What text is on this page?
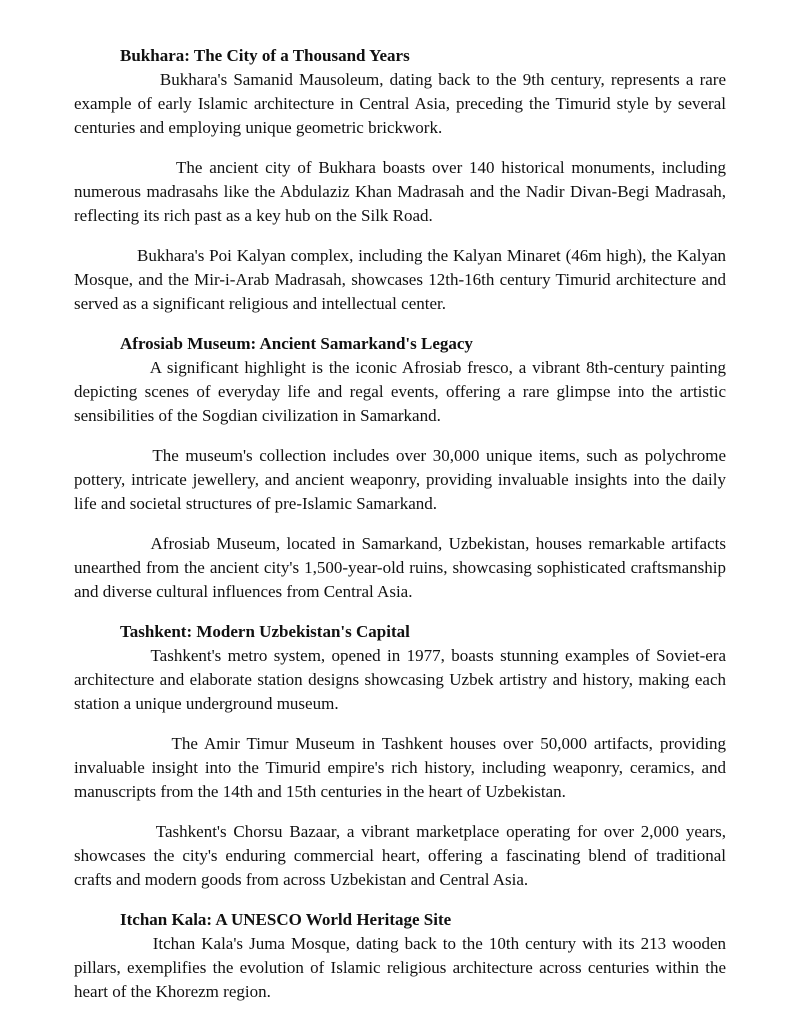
Bukhara: The City of a Thousand Years

Bukhara's Samanid Mausoleum, dating back to the 9th century, represents a rare example of early Islamic architecture in Central Asia, preceding the Timurid style by several centuries and employing unique geometric brickwork.

The ancient city of Bukhara boasts over 140 historical monuments, including numerous madrasahs like the Abdulaziz Khan Madrasah and the Nadir Divan-Begi Madrasah, reflecting its rich past as a key hub on the Silk Road.

Bukhara's Poi Kalyan complex, including the Kalyan Minaret (46m high), the Kalyan Mosque, and the Mir-i-Arab Madrasah, showcases 12th-16th century Timurid architecture and served as a significant religious and intellectual center.

Afrosiab Museum: Ancient Samarkand's Legacy

A significant highlight is the iconic Afrosiab fresco, a vibrant 8th-century painting depicting scenes of everyday life and regal events, offering a rare glimpse into the artistic sensibilities of the Sogdian civilization in Samarkand.

The museum's collection includes over 30,000 unique items, such as polychrome pottery, intricate jewellery, and ancient weaponry, providing invaluable insights into the daily life and societal structures of pre-Islamic Samarkand.

Afrosiab Museum, located in Samarkand, Uzbekistan, houses remarkable artifacts unearthed from the ancient city's 1,500-year-old ruins, showcasing sophisticated craftsmanship and diverse cultural influences from Central Asia.

Tashkent: Modern Uzbekistan's Capital

Tashkent's metro system, opened in 1977, boasts stunning examples of Soviet-era architecture and elaborate station designs showcasing Uzbek artistry and history, making each station a unique underground museum.

The Amir Timur Museum in Tashkent houses over 50,000 artifacts, providing invaluable insight into the Timurid empire's rich history, including weaponry, ceramics, and manuscripts from the 14th and 15th centuries in the heart of Uzbekistan.

Tashkent's Chorsu Bazaar, a vibrant marketplace operating for over 2,000 years, showcases the city's enduring commercial heart, offering a fascinating blend of traditional crafts and modern goods from across Uzbekistan and Central Asia.

Itchan Kala: A UNESCO World Heritage Site

Itchan Kala's Juma Mosque, dating back to the 10th century with its 213 wooden pillars, exemplifies the evolution of Islamic religious architecture across centuries within the heart of the Khorezm region.
